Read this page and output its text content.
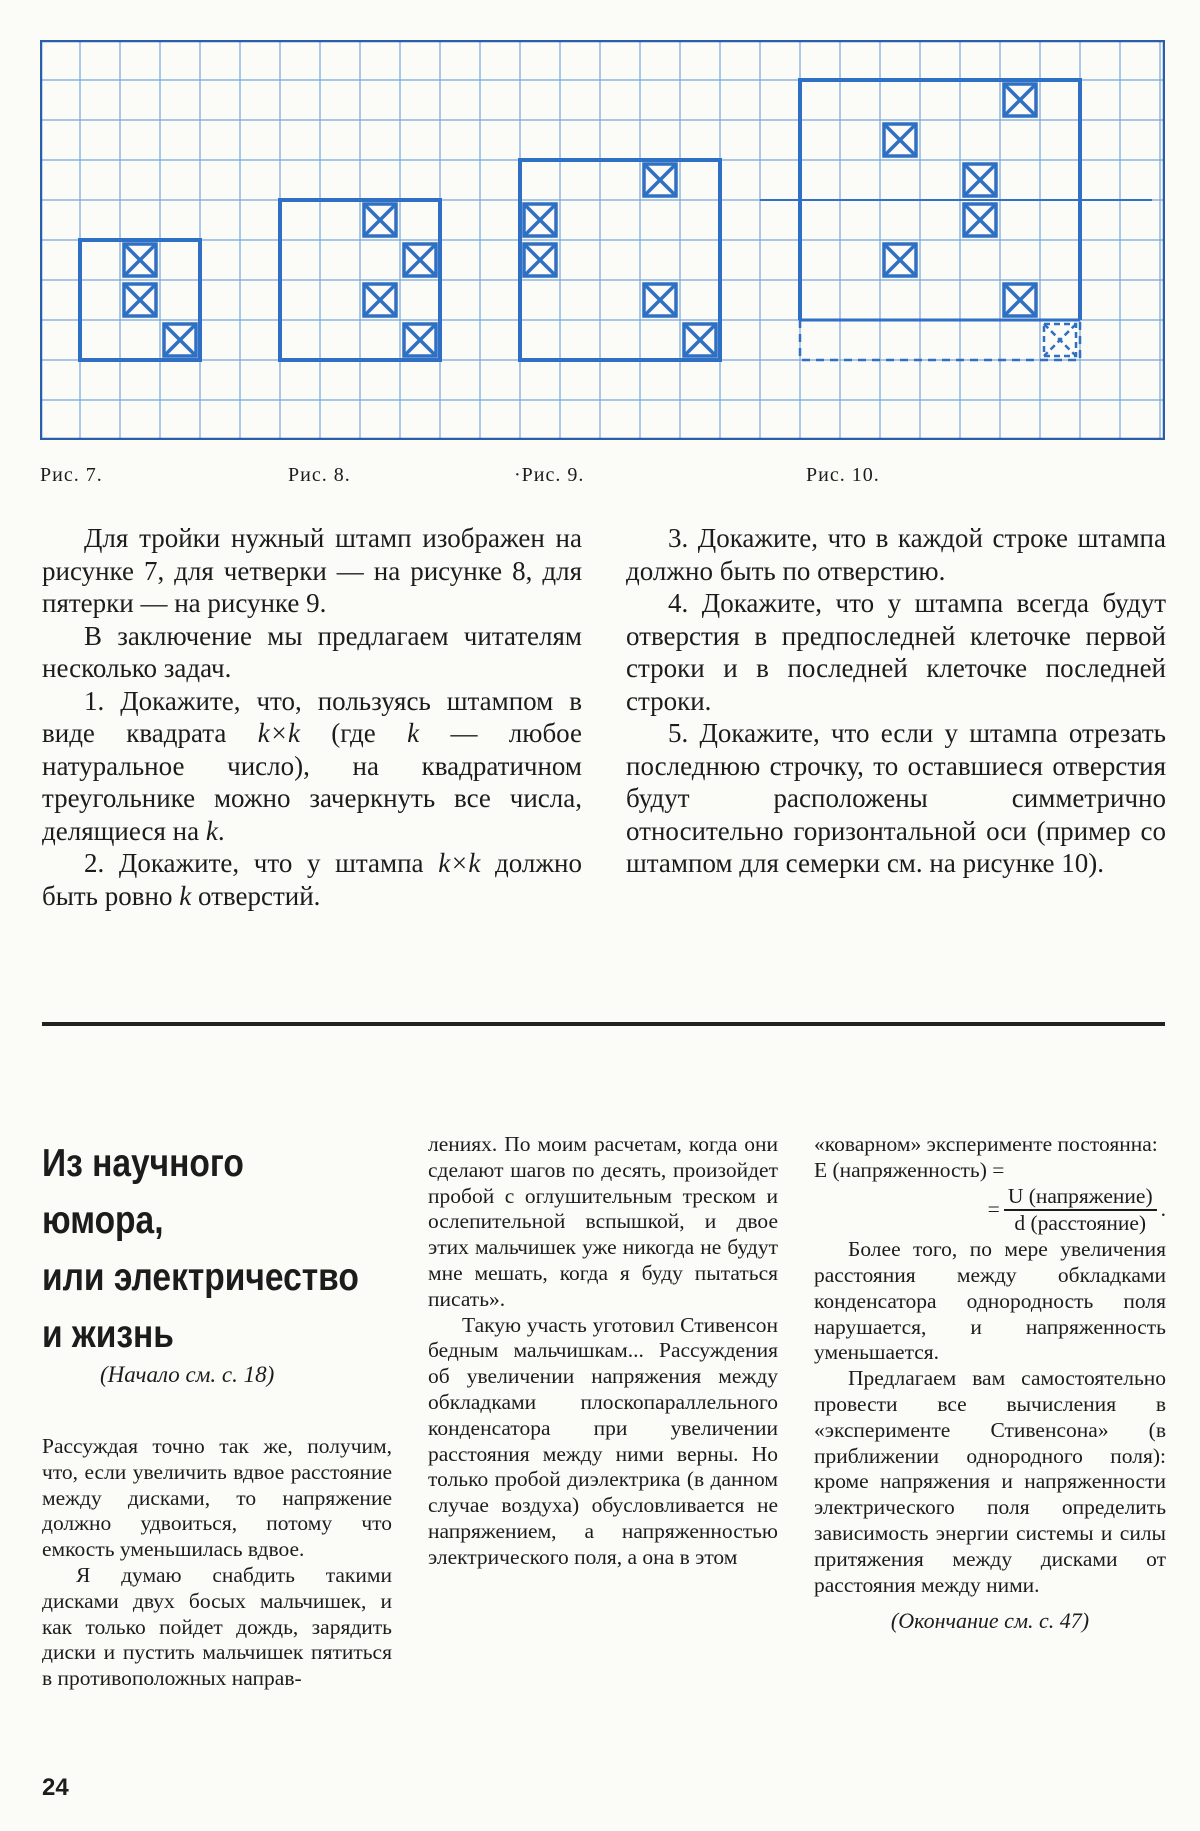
Рис. 7.	Рис. 8.	·Рис. 9.	Рис. 10.

Для тройки нужный штамп изображен на рисунке 7, для четверки — на рисунке 8, для пятерки — на рисунке 9.

В заключение мы предлагаем читателям несколько задач.

1. Докажите, что, пользуясь штампом в виде квадрата k×k (где k — любое натуральное число), на квадратичном треугольнике можно зачеркнуть все числа, делящиеся на k.

2. Докажите, что у штампа k×k должно быть ровно k отверстий.

3. Докажите, что в каждой строке штампа должно быть по отверстию.

4. Докажите, что у штампа всегда будут отверстия в предпоследней клеточке первой строки и в последней клеточке последней строки.

5. Докажите, что если у штампа отрезать последнюю строчку, то оставшиеся отверстия будут расположены симметрично относительно горизонтальной оси (пример со штампом для семерки см. на рисунке 10).

Из научного юмора,
или электричество
и жизнь
(Начало см. с. 18)

Рассуждая точно так же, получим, что, если увеличить вдвое расстояние между дисками, то напряжение должно удвоиться, потому что емкость уменьшилась вдвое.

Я думаю снабдить такими дисками двух босых мальчишек, и как только пойдет дождь, зарядить диски и пустить мальчишек пятиться в противоположных направ-

лениях. По моим расчетам, когда они сделают шагов по десять, произойдет пробой с оглушительным треском и ослепительной вспышкой, и двое этих мальчишек уже никогда не будут мне мешать, когда я буду пытаться писать».

Такую участь уготовил Стивенсон бедным мальчишкам... Рассуждения об увеличении напряжения между обкладками плоскопараллельного конденсатора при увеличении расстояния между ними верны. Но только пробой диэлектрика (в данном случае воздуха) обусловливается не напряжением, а напряженностью электрического поля, а она в этом

«коварном» эксперименте постоянна:

E (напряженность) =
= $\frac{\text{U (напряжение)}}{\text{d (расстояние)}}$ .

Более того, по мере увеличения расстояния между обкладками конденсатора однородность поля нарушается, и напряженность уменьшается.

Предлагаем вам самостоятельно провести все вычисления в «эксперименте Стивенсона» (в приближении однородного поля): кроме напряжения и напряженности электрического поля определить зависимость энергии системы и силы притяжения между дисками от расстояния между ними.

(Окончание см. с. 47)
24
